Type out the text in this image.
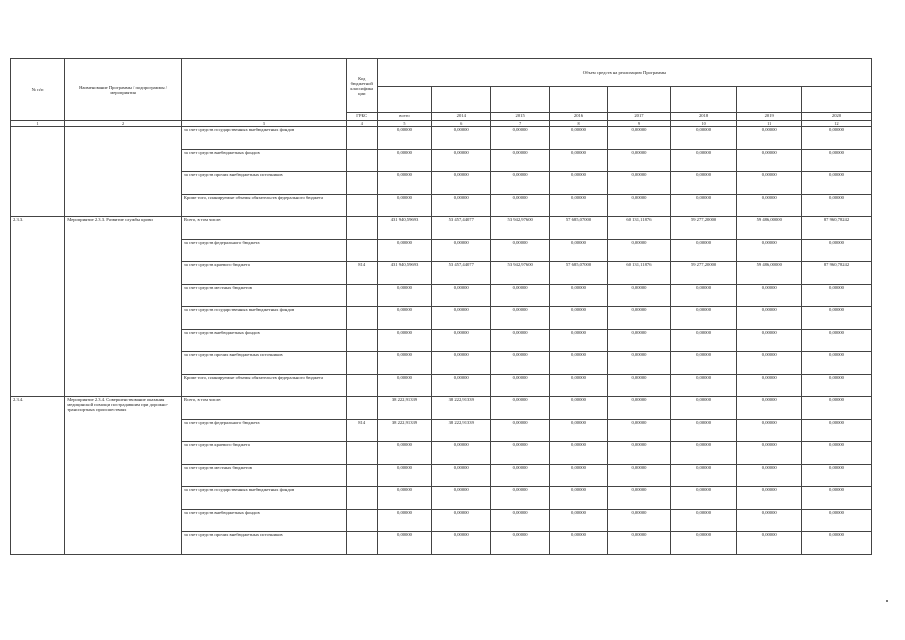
№ п/п	Наименование Программы / подпрограммы / мероприятия		Код бюджетной классифика ции	Объем средств на реализацию Программы							

			ГРБС	всего	2014	2015	2016	2017	2018	2019	2020
1	2	3	4	5	6	7	8	9	10	11	12
		за счет средств государственных внебюджетных фондов		0,00000	0,00000	0,00000	0,00000	0,00000	0,00000	0,00000	0,00000
		за счет средств внебюджетных фондов		0,00000	0,00000	0,00000	0,00000	0,00000	0,00000	0,00000	0,00000
		за счет средств прочих внебюджетных источников		0,00000	0,00000	0,00000	0,00000	0,00000	0,00000	0,00000	0,00000
		Кроме того, планируемые объемы обязательств федерального бюджета		0,00000	0,00000	0,00000	0,00000	0,00000	0,00000	0,00000	0,00000
2.3.3.	Мероприятие 2.3.3. Развитие службы крови	Всего, в том числе:		431 940,59693	53 457,44077	53 942,97600	57 685,07000	60 131,11876	59 277,20000	59 486,00000	87 960,78242
		за счет средств федерального бюджета		0,00000	0,00000	0,00000	0,00000	0,00000	0,00000	0,00000	0,00000
		за счет средств краевого бюджета	814	431 940,59693	53 457,44077	53 942,97600	57 685,07000	60 131,11876	59 277,20000	59 486,00000	87 960,78242
		за счет средств местных бюджетов		0,00000	0,00000	0,00000	0,00000	0,00000	0,00000	0,00000	0,00000
		за счет средств государственных внебюджетных фондов		0,00000	0,00000	0,00000	0,00000	0,00000	0,00000	0,00000	0,00000
		за счет средств внебюджетных фондов		0,00000	0,00000	0,00000	0,00000	0,00000	0,00000	0,00000	0,00000
		за счет средств прочих внебюджетных источников		0,00000	0,00000	0,00000	0,00000	0,00000	0,00000	0,00000	0,00000
		Кроме того, планируемые объемы обязательств федерального бюджета		0,00000	0,00000	0,00000	0,00000	0,00000	0,00000	0,00000	0,00000
2.3.4.	Мероприятие 2.3.4. Совершенствование оказания медицинской помощи пострадавшим при дорожно-транспортных происшествиях	Всего, в том числе:		38 222,91339	38 222,91339	0,00000	0,00000	0,00000	0,00000	0,00000	0,00000
		за счет средств федерального бюджета	814	38 222,91339	38 222,91339	0,00000	0,00000	0,00000	0,00000	0,00000	0,00000
		за счет средств краевого бюджета		0,00000	0,00000	0,00000	0,00000	0,00000	0,00000	0,00000	0,00000
		за счет средств местных бюджетов		0,00000	0,00000	0,00000	0,00000	0,00000	0,00000	0,00000	0,00000
		за счет средств государственных внебюджетных фондов		0,00000	0,00000	0,00000	0,00000	0,00000	0,00000	0,00000	0,00000
		за счет средств внебюджетных фондов		0,00000	0,00000	0,00000	0,00000	0,00000	0,00000	0,00000	0,00000
		за счет средств прочих внебюджетных источников		0,00000	0,00000	0,00000	0,00000	0,00000	0,00000	0,00000	0,00000
